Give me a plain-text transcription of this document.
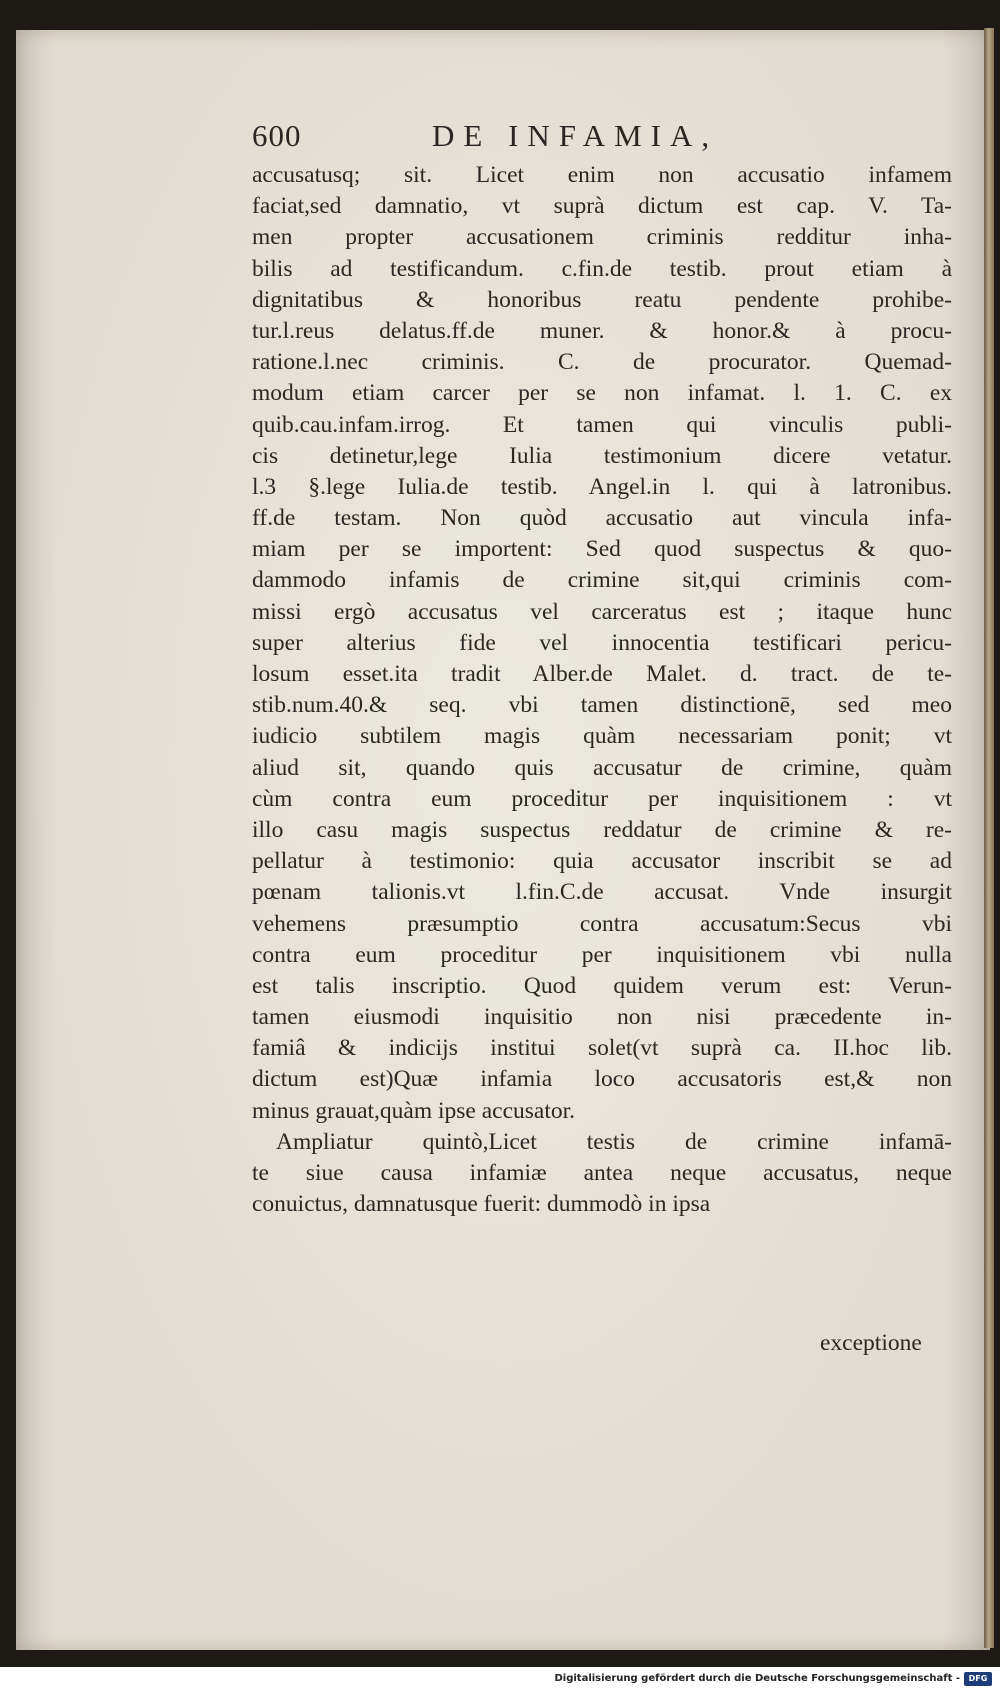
600	DE INFAMIA,
accusatusq; sit. Licet enim non accusatio infamem
faciat,sed damnatio, vt suprà dictum est cap. V. Ta-
men propter accusationem criminis redditur inha-
bilis ad testificandum. c.fin.de testib. prout etiam à
dignitatibus & honoribus reatu pendente prohibe-
tur.l.reus delatus.ff.de muner. & honor.& à procu-
ratione.l.nec criminis. C. de procurator. Quemad-
modum etiam carcer per se non infamat. l. 1. C. ex
quib.cau.infam.irrog. Et tamen qui vinculis publi-
cis detinetur,lege Iulia testimonium dicere vetatur.
l.3 §.lege Iulia.de testib. Angel.in l. qui à latronibus.
ff.de testam. Non quòd accusatio aut vincula infa-
miam per se importent: Sed quod suspectus & quo-
dammodo infamis de crimine sit,qui criminis com-
missi ergò accusatus vel carceratus est ; itaque hunc
super alterius fide vel innocentia testificari pericu-
losum esset.ita tradit Alber.de Malet. d. tract. de te-
stib.num.40.& seq. vbi tamen distinctionē, sed meo
iudicio subtilem magis quàm necessariam ponit; vt
aliud sit, quando quis accusatur de crimine, quàm
cùm contra eum proceditur per inquisitionem : vt
illo casu magis suspectus reddatur de crimine & re-
pellatur à testimonio: quia accusator inscribit se ad
pœnam talionis.vt l.fin.C.de accusat. Vnde insurgit
vehemens præsumptio contra accusatum:Secus vbi
contra eum proceditur per inquisitionem vbi nulla
est talis inscriptio. Quod quidem verum est: Verun-
tamen eiusmodi inquisitio non nisi præcedente in-
famiâ & indicijs institui solet(vt suprà ca. II.hoc lib.
dictum est)Quæ infamia loco accusatoris est,& non
minus grauat,quàm ipse accusator.
Ampliatur quintò,Licet testis de crimine infamā-
te siue causa infamiæ antea neque accusatus, neque
conuictus, damnatusque fuerit: dummodò in ipsa
exceptione
Digitalisierung gefördert durch die Deutsche Forschungsgemeinschaft -	DFG
